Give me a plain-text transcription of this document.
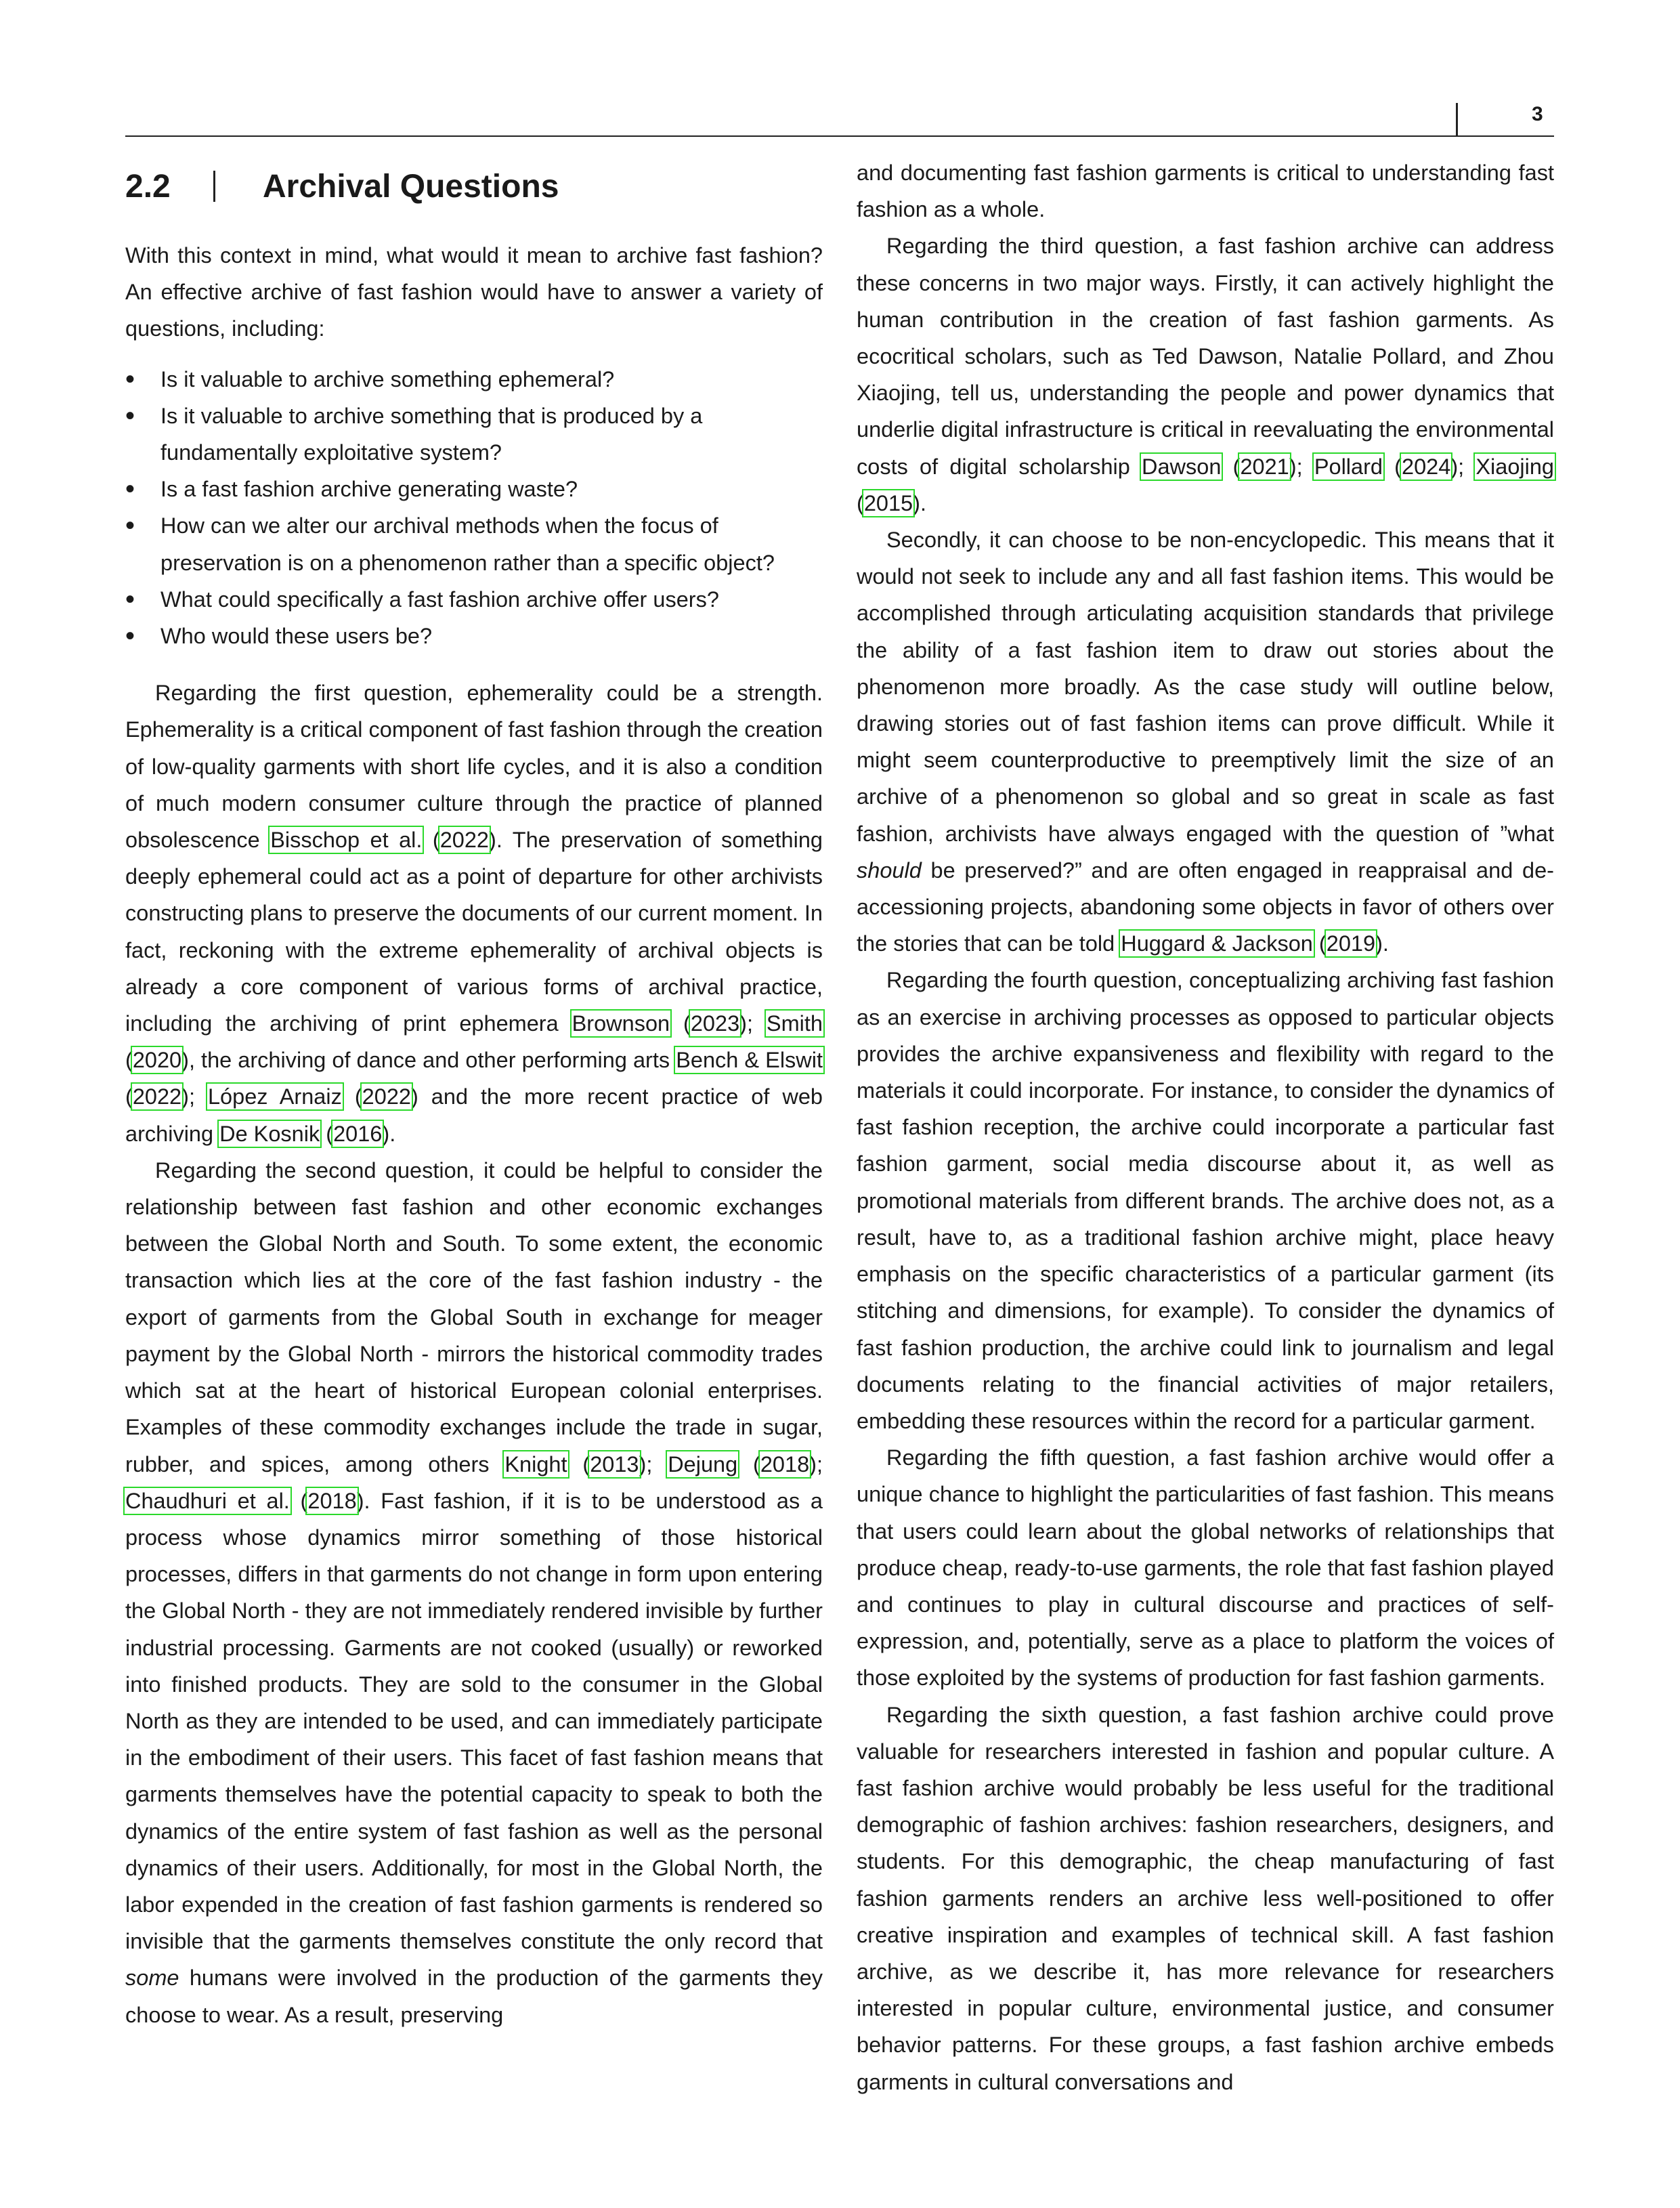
3
2.2	Archival Questions

With this context in mind, what would it mean to archive fast fashion? An effective archive of fast fashion would have to answer a variety of questions, including:

• Is it valuable to archive something ephemeral?
• Is it valuable to archive something that is produced by a fundamentally exploitative system?
• Is a fast fashion archive generating waste?
• How can we alter our archival methods when the focus of preservation is on a phenomenon rather than a specific object?
• What could specifically a fast fashion archive offer users?
• Who would these users be?

Regarding the first question, ephemerality could be a strength. Ephemerality is a critical component of fast fashion through the creation of low-quality garments with short life cycles, and it is also a condition of much modern consumer culture through the practice of planned obsolescence Bisschop et al. (2022). The preservation of something deeply ephemeral could act as a point of departure for other archivists constructing plans to preserve the documents of our current moment. In fact, reckoning with the extreme ephemerality of archival objects is already a core component of various forms of archival practice, including the archiving of print ephemera Brownson (2023); Smith (2020), the archiving of dance and other performing arts Bench & Elswit (2022); López Arnaiz (2022) and the more recent practice of web archiving De Kosnik (2016).

Regarding the second question, it could be helpful to consider the relationship between fast fashion and other economic exchanges between the Global North and South. To some extent, the economic transaction which lies at the core of the fast fashion industry - the export of garments from the Global South in exchange for meager payment by the Global North - mirrors the historical commodity trades which sat at the heart of historical European colonial enterprises. Examples of these commodity exchanges include the trade in sugar, rubber, and spices, among others Knight (2013); Dejung (2018); Chaudhuri et al. (2018). Fast fashion, if it is to be understood as a process whose dynamics mirror something of those historical processes, differs in that garments do not change in form upon entering the Global North - they are not immediately rendered invisible by further industrial processing. Garments are not cooked (usually) or reworked into finished products. They are sold to the consumer in the Global North as they are intended to be used, and can immediately participate in the embodiment of their users. This facet of fast fashion means that garments themselves have the potential capacity to speak to both the dynamics of the entire system of fast fashion as well as the personal dynamics of their users. Additionally, for most in the Global North, the labor expended in the creation of fast fashion garments is rendered so invisible that the garments themselves constitute the only record that some humans were involved in the production of the garments they choose to wear. As a result, preserving

and documenting fast fashion garments is critical to understanding fast fashion as a whole.

Regarding the third question, a fast fashion archive can address these concerns in two major ways. Firstly, it can actively highlight the human contribution in the creation of fast fashion garments. As ecocritical scholars, such as Ted Dawson, Natalie Pollard, and Zhou Xiaojing, tell us, understanding the people and power dynamics that underlie digital infrastructure is critical in reevaluating the environmental costs of digital scholarship Dawson (2021); Pollard (2024); Xiaojing (2015).

Secondly, it can choose to be non-encyclopedic. This means that it would not seek to include any and all fast fashion items. This would be accomplished through articulating acquisition standards that privilege the ability of a fast fashion item to draw out stories about the phenomenon more broadly. As the case study will outline below, drawing stories out of fast fashion items can prove difficult. While it might seem counterproductive to preemptively limit the size of an archive of a phenomenon so global and so great in scale as fast fashion, archivists have always engaged with the question of ”what should be preserved?” and are often engaged in reappraisal and de-accessioning projects, abandoning some objects in favor of others over the stories that can be told Huggard & Jackson (2019).

Regarding the fourth question, conceptualizing archiving fast fashion as an exercise in archiving processes as opposed to particular objects provides the archive expansiveness and flexibility with regard to the materials it could incorporate. For instance, to consider the dynamics of fast fashion reception, the archive could incorporate a particular fast fashion garment, social media discourse about it, as well as promotional materials from different brands. The archive does not, as a result, have to, as a traditional fashion archive might, place heavy emphasis on the specific characteristics of a particular garment (its stitching and dimensions, for example). To consider the dynamics of fast fashion production, the archive could link to journalism and legal documents relating to the financial activities of major retailers, embedding these resources within the record for a particular garment.

Regarding the fifth question, a fast fashion archive would offer a unique chance to highlight the particularities of fast fashion. This means that users could learn about the global networks of relationships that produce cheap, ready-to-use garments, the role that fast fashion played and continues to play in cultural discourse and practices of self-expression, and, potentially, serve as a place to platform the voices of those exploited by the systems of production for fast fashion garments.

Regarding the sixth question, a fast fashion archive could prove valuable for researchers interested in fashion and popular culture. A fast fashion archive would probably be less useful for the traditional demographic of fashion archives: fashion researchers, designers, and students. For this demographic, the cheap manufacturing of fast fashion garments renders an archive less well-positioned to offer creative inspiration and examples of technical skill. A fast fashion archive, as we describe it, has more relevance for researchers interested in popular culture, environmental justice, and consumer behavior patterns. For these groups, a fast fashion archive embeds garments in cultural conversations and
